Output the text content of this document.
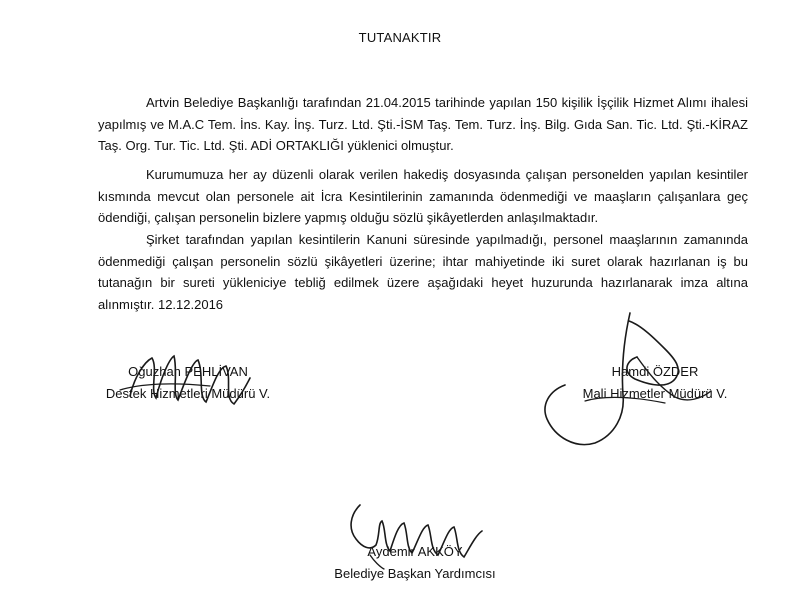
TUTANAKTIR

Artvin Belediye Başkanlığı tarafından 21.04.2015 tarihinde yapılan 150 kişilik İşçilik Hizmet Alımı ihalesi yapılmış ve M.A.C Tem. İns. Kay. İnş. Turz. Ltd. Şti.-İSM Taş. Tem. Turz. İnş. Bilg. Gıda San. Tic. Ltd. Şti.-KİRAZ Taş. Org. Tur. Tic. Ltd. Şti. ADİ ORTAKLIĞI yüklenici olmuştur.

Kurumumuza her ay düzenli olarak verilen hakediş dosyasında çalışan personelden yapılan kesintiler kısmında mevcut olan personele ait İcra Kesintilerinin zamanında ödenmediği ve maaşların çalışanlara geç ödendiği, çalışan personelin bizlere yapmış olduğu sözlü şikâyetlerden anlaşılmaktadır.

Şirket tarafından yapılan kesintilerin Kanuni süresinde yapılmadığı, personel maaşlarının zamanında ödenmediği çalışan personelin sözlü şikâyetleri üzerine; ihtar mahiyetinde iki suret olarak hazırlanan iş bu tutanağın bir sureti yükleniciye tebliğ edilmek üzere aşağıdaki heyet huzurunda hazırlanarak imza altına alınmıştır. 12.12.2016

Oğuzhan PEHLİVAN
Destek Hizmetleri Müdürü V.
Hamdi ÖZDER
Mali Hizmetler Müdürü V.
Aydemir AKKÖY
Belediye Başkan Yardımcısı
